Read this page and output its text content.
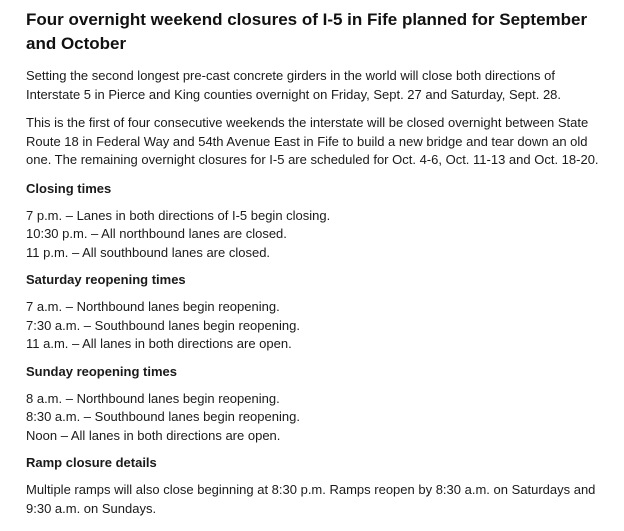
Four overnight weekend closures of I-5 in Fife planned for September and October

Setting the second longest pre-cast concrete girders in the world will close both directions of Interstate 5 in Pierce and King counties overnight on Friday, Sept. 27 and Saturday, Sept. 28.

This is the first of four consecutive weekends the interstate will be closed overnight between State Route 18 in Federal Way and 54th Avenue East in Fife to build a new bridge and tear down an old one. The remaining overnight closures for I-5 are scheduled for Oct. 4-6, Oct. 11-13 and Oct. 18-20.

Closing times
7 p.m. – Lanes in both directions of I-5 begin closing.
10:30 p.m. – All northbound lanes are closed.
11 p.m. – All southbound lanes are closed.
Saturday reopening times
7 a.m. – Northbound lanes begin reopening.
7:30 a.m. – Southbound lanes begin reopening.
11 a.m. – All lanes in both directions are open.
Sunday reopening times
8 a.m. – Northbound lanes begin reopening.
8:30 a.m. – Southbound lanes begin reopening.
Noon – All lanes in both directions are open.
Ramp closure details

Multiple ramps will also close beginning at 8:30 p.m. Ramps reopen by 8:30 a.m. on Saturdays and 9:30 a.m. on Sundays.
